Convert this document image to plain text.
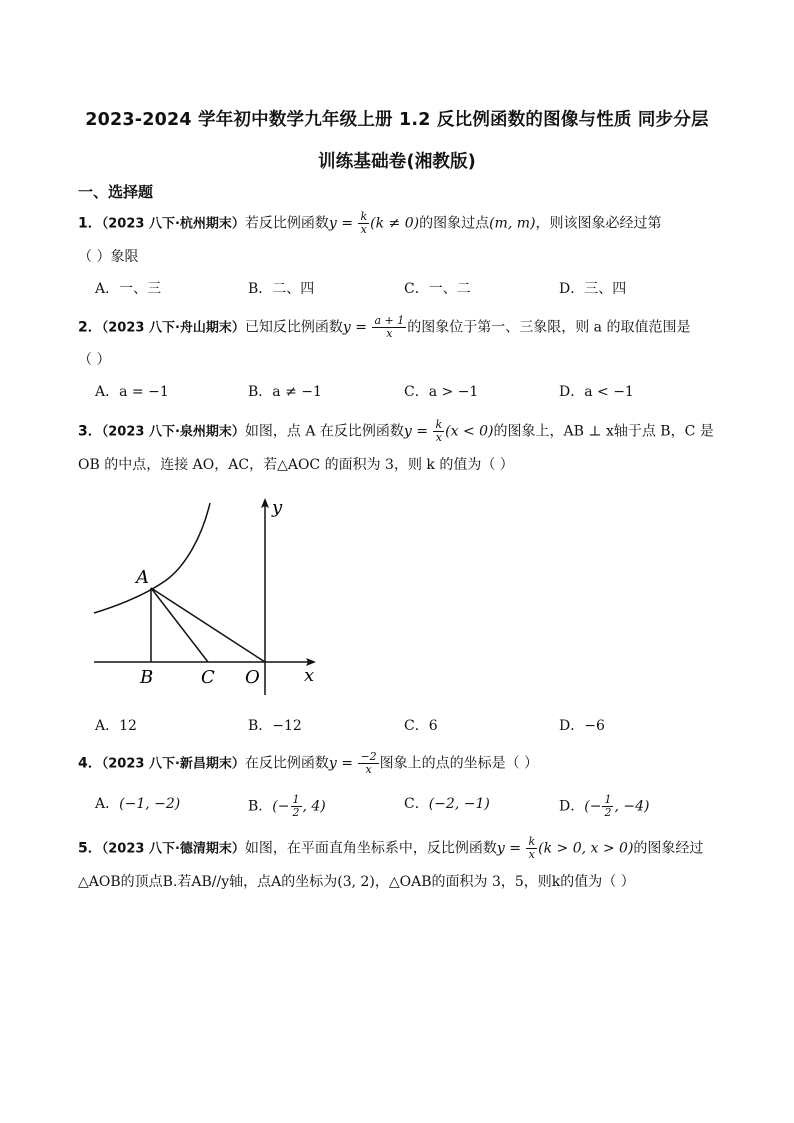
2023-2024 学年初中数学九年级上册 1.2 反比例函数的图像与性质 同步分层
训练基础卷(湘教版)
一、选择题
1．（2023 八下·杭州期末）若反比例函数$y = \frac{k}{x} (k \ne 0)$的图象过点(m, m)，则该图象必经过第
（ ）象限
A．一、三	B．二、四	C．一、二	D．三、四
2．（2023 八下·舟山期末）已知反比例函数$y = \frac{a + 1}{x}$ 的图象位于第一、三象限，则 a 的取值范围是
（ ）
A．a = −1	B．a ≠ −1	C．a > −1	D．a < −1
3．（2023 八下·泉州期末）如图，点 A 在反比例函数$y = \frac{k}{x} (x < 0)$的图象上，AB ⊥ x轴于点 B，C 是
OB 的中点，连接 AO，AC，若△AOC 的面积为 3，则 k 的值为（ ）
y
x
A
B	C O
A．12	B．−12	C．6	D．−6
4．（2023 八下·新昌期末）在反比例函数$y = \frac{-2}{x}$ 图象上的点的坐标是（ ）
A．(−1, −2)	B．(− $\frac{1}{2}$ , 4)	C．(−2, −1)	D．(− $\frac{1}{2}$ , −4)
5．（2023 八下·德清期末）如图，在平面直角坐标系中，反比例函数$y = \frac{k}{x} (k > 0$, x > 0)的图象经过
△AOB的顶点B.若AB//y轴，点A的坐标为(3, 2)，△OAB的面积为 3，5，则k的值为（ ）
